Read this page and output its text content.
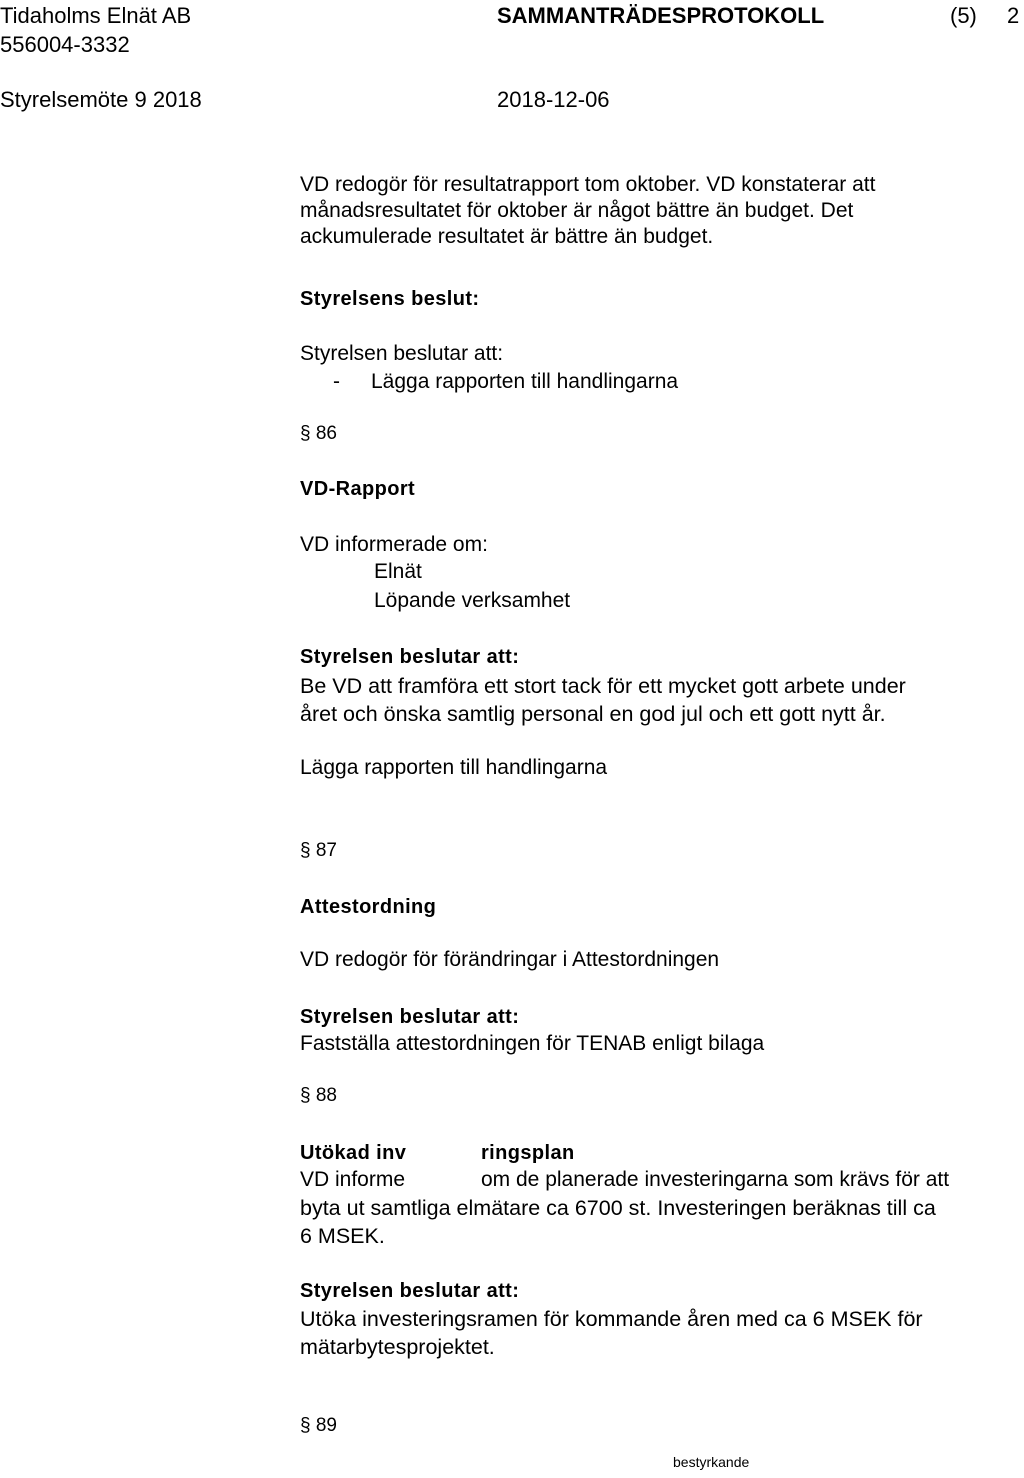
Tidaholms Elnät AB
556004-3332
Styrelsemöte 9 2018
SAMMANTRÄDESPROTOKOLL	(5) 2
2018-12-06
VD redogör för resultatrapport tom oktober. VD konstaterar att
månadsresultatet för oktober är något bättre än budget. Det
ackumulerade resultatet är bättre än budget.
Styrelsens beslut:
Styrelsen beslutar att:
- Lägga rapporten till handlingarna
§ 86
VD-Rapport
VD informerade om:
Elnät
Löpande verksamhet
Styrelsen beslutar att:
Be VD att framföra ett stort tack för ett mycket gott arbete under
året och önska samtlig personal en god jul och ett gott nytt år.
Lägga rapporten till handlingarna
§ 87
Attestordning
VD redogör för förändringar i Attestordningen
Styrelsen beslutar att:
Fastställa attestordningen för TENAB enligt bilaga
§ 88
Utökad inv	ringsplan
VD informe	om de planerade investeringarna som krävs för att
byta ut samtliga elmätare ca 6700 st. Investeringen beräknas till ca
6 MSEK.
Styrelsen beslutar att:
Utöka investeringsramen för kommande åren med ca 6 MSEK för
mätarbytesprojektet.
§ 89
bestyrkande
